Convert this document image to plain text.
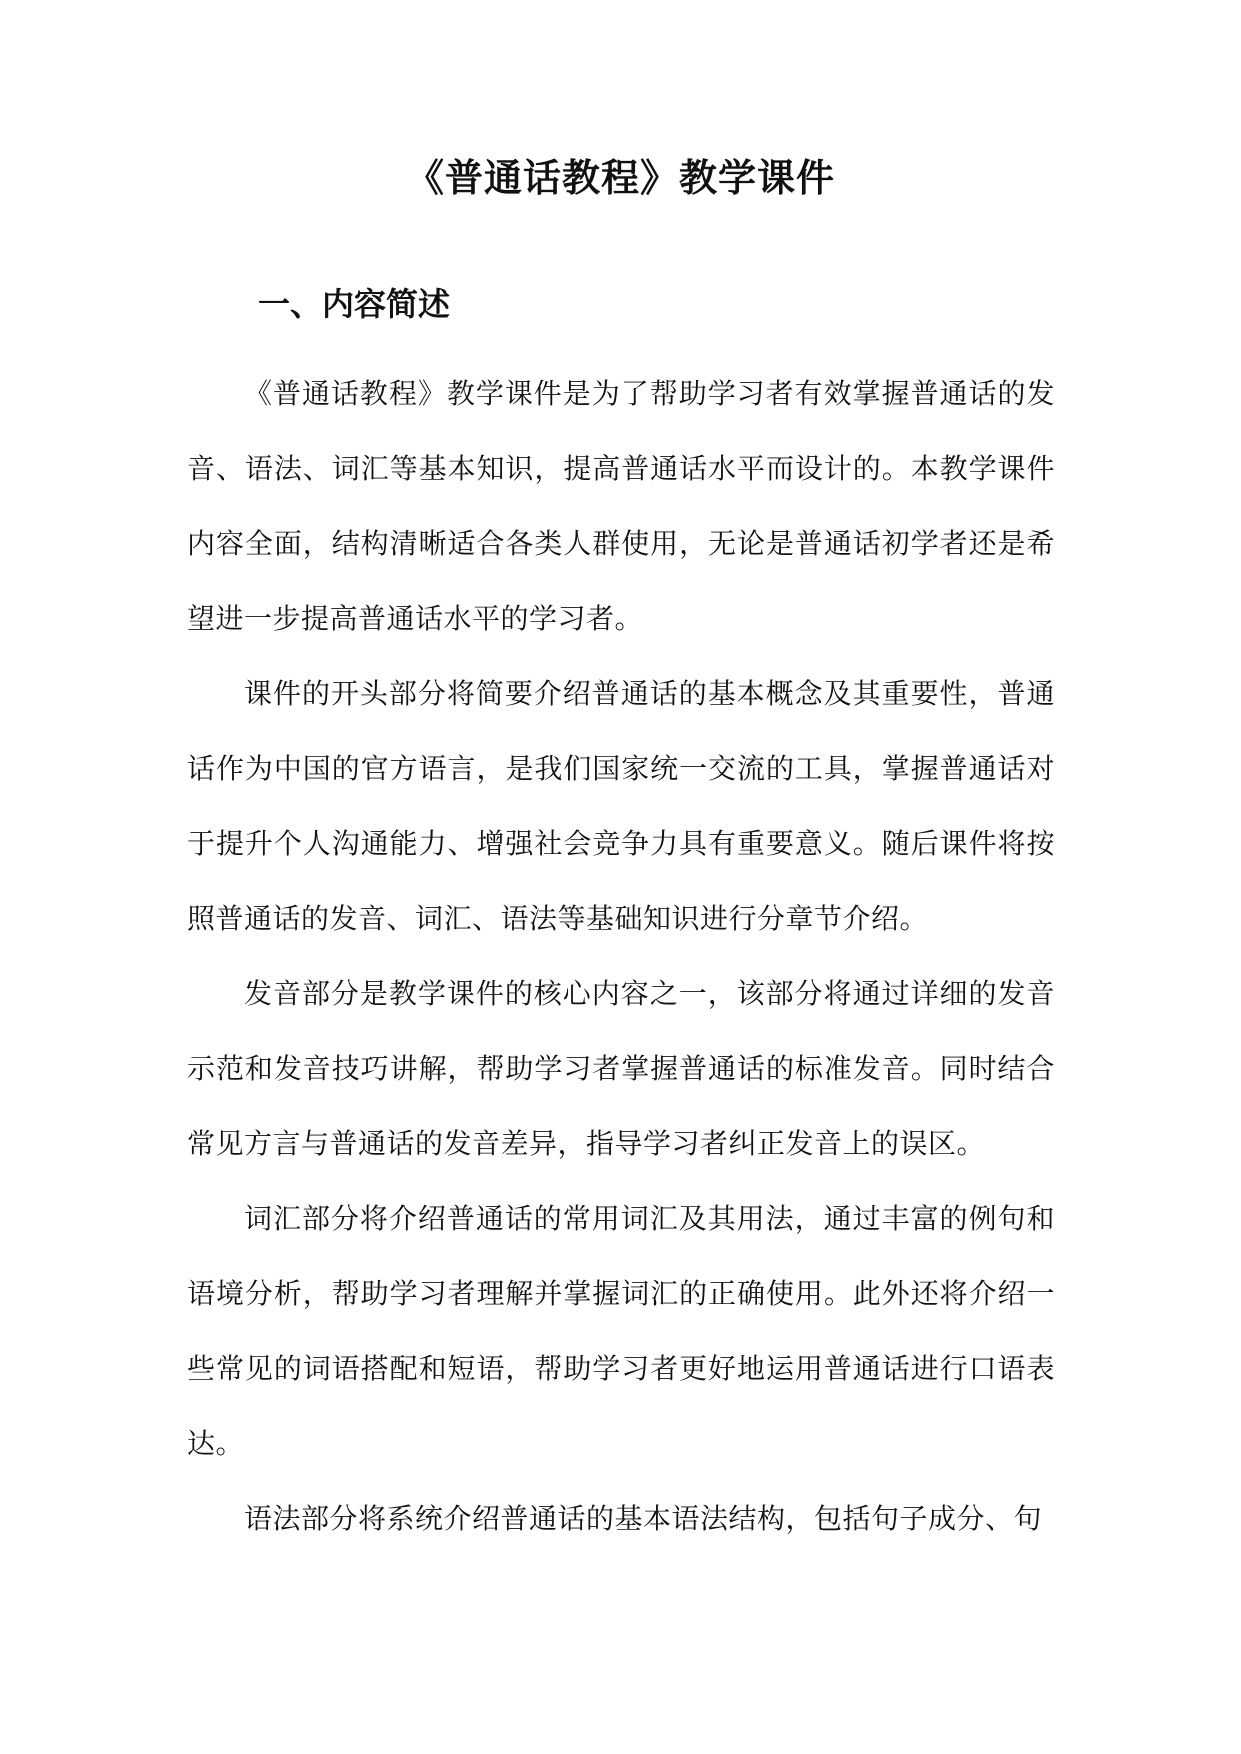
《普通话教程》教学课件
一、内容简述

《普通话教程》教学课件是为了帮助学习者有效掌握普通话的发音、语法、词汇等基本知识，提高普通话水平而设计的。本教学课件内容全面，结构清晰适合各类人群使用，无论是普通话初学者还是希望进一步提高普通话水平的学习者。

课件的开头部分将简要介绍普通话的基本概念及其重要性，普通话作为中国的官方语言，是我们国家统一交流的工具，掌握普通话对于提升个人沟通能力、增强社会竞争力具有重要意义。随后课件将按照普通话的发音、词汇、语法等基础知识进行分章节介绍。

发音部分是教学课件的核心内容之一，该部分将通过详细的发音示范和发音技巧讲解，帮助学习者掌握普通话的标准发音。同时结合常见方言与普通话的发音差异，指导学习者纠正发音上的误区。

词汇部分将介绍普通话的常用词汇及其用法，通过丰富的例句和语境分析，帮助学习者理解并掌握词汇的正确使用。此外还将介绍一些常见的词语搭配和短语，帮助学习者更好地运用普通话进行口语表达。

语法部分将系统介绍普通话的基本语法结构，包括句子成分、句
